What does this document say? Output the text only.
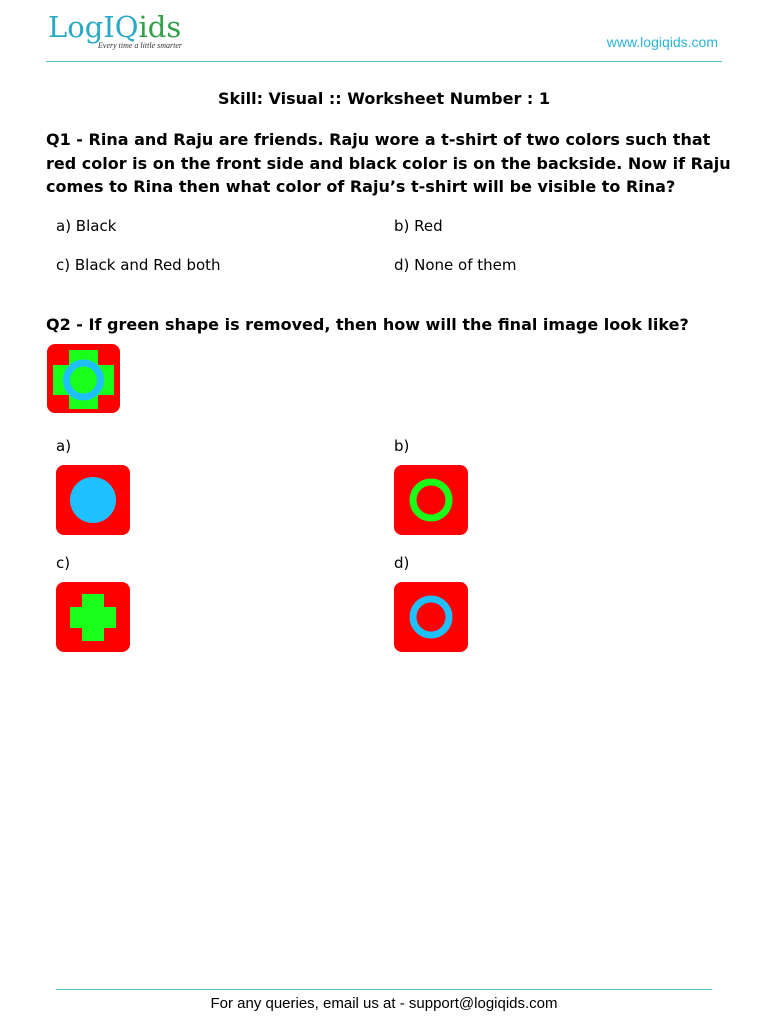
LogIQids
Every time a little smarter	www.logiqids.com
Skill: Visual :: Worksheet Number : 1
Q1 - Rina and Raju are friends. Raju wore a t-shirt of two colors such that red color is on the front side and black color is on the backside. Now if Raju comes to Rina then what color of Raju’s t-shirt will be visible to Rina?
a) Black	b) Red
c) Black and Red both	d) None of them
Q2 - If green shape is removed, then how will the final image look like?
a)	b)
c)	d)
For any queries, email us at - support@logiqids.com
